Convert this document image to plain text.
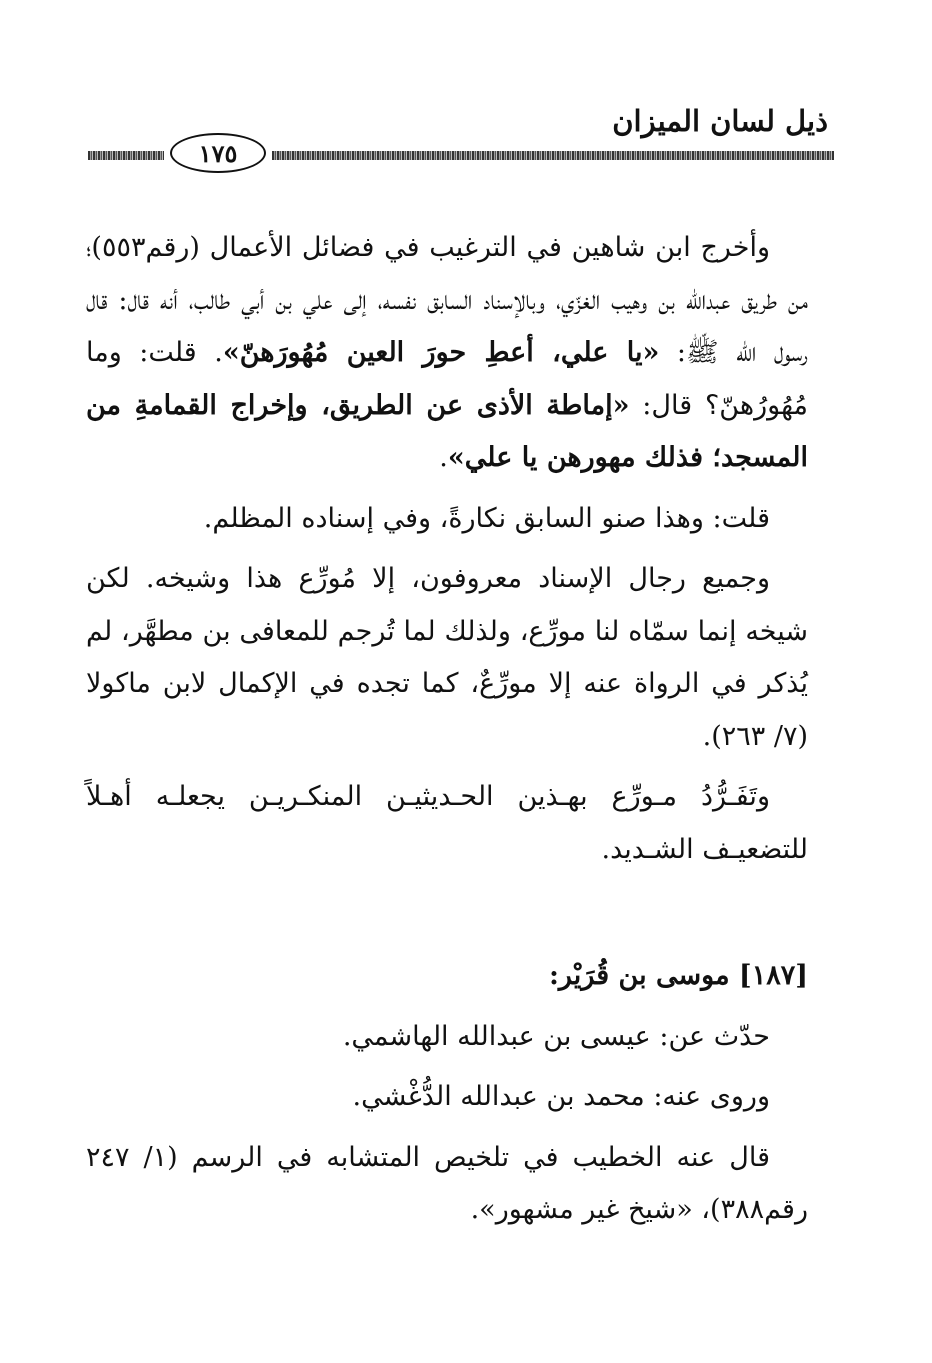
ذيل لسان الميزان
١٧٥

وأخرج ابن شاهين في الترغيب في فضائل الأعمال (رقم٥٥٣)؛ من طريق عبدالله بن وهيب الغزّي، وبالإسناد السابق نفسه، إلى علي بن أبي طالب، أنه قال: قال رسول الله ﷺ: «يا علي، أعطِ حورَ العين مُهُورَهنّ». قلت: وما مُهُورُهنّ؟ قال: «إماطة الأذى عن الطريق، وإخراج القمامةِ من المسجد؛ فذلك مهورهن يا علي».

قلت: وهذا صنو السابق نكارةً، وفي إسناده المظلم.

وجميع رجال الإسناد معروفون، إلا مُورِّع هذا وشيخه. لكن شيخه إنما سمّاه لنا مورِّع، ولذلك لما تُرجم للمعافى بن مطهَّر، لم يُذكر في الرواة عنه إلا مورِّعٌ، كما تجده في الإكمال لابن ماكولا (٧/ ٢٦٣).

وتَفَـرُّدُ مـورِّع بهـذين الحـديثيـن المنكـريـن يجعلـه أهـلاً للتضعيـف الشـديد.

[١٨٧] موسى بن قُرَيْر:

حدّث عن: عيسى بن عبدالله الهاشمي.

وروى عنه: محمد بن عبدالله الدُّغْشي.

قال عنه الخطيب في تلخيص المتشابه في الرسم (١/ ٢٤٧ رقم٣٨٨)، «شيخ غير مشهور».
